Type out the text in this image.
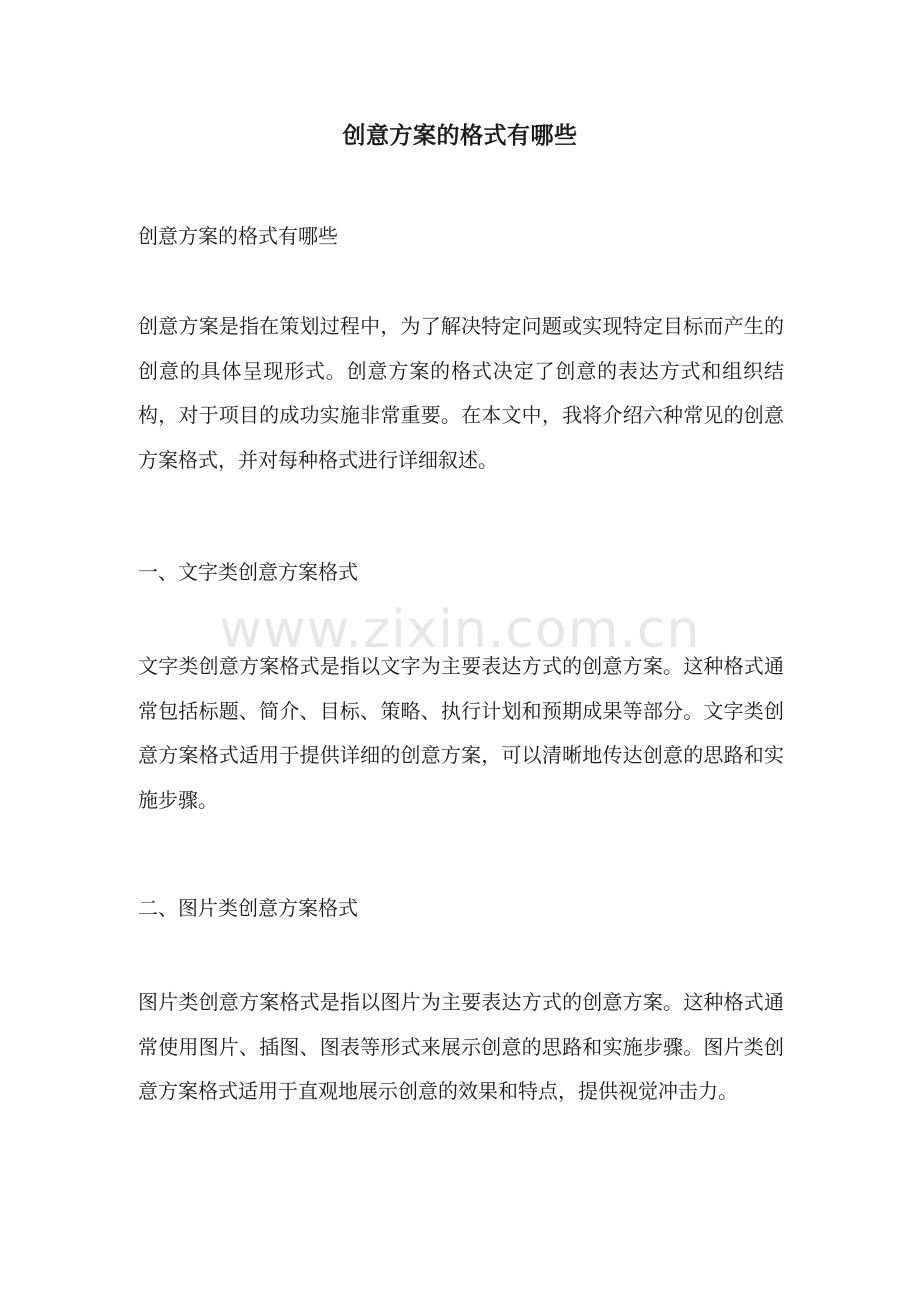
创意方案的格式有哪些

创意方案的格式有哪些

创意方案是指在策划过程中，为了解决特定问题或实现特定目标而产生的创意的具体呈现形式。创意方案的格式决定了创意的表达方式和组织结构，对于项目的成功实施非常重要。在本文中，我将介绍六种常见的创意方案格式，并对每种格式进行详细叙述。

一、文字类创意方案格式

文字类创意方案格式是指以文字为主要表达方式的创意方案。这种格式通常包括标题、简介、目标、策略、执行计划和预期成果等部分。文字类创意方案格式适用于提供详细的创意方案，可以清晰地传达创意的思路和实施步骤。

二、图片类创意方案格式

图片类创意方案格式是指以图片为主要表达方式的创意方案。这种格式通常使用图片、插图、图表等形式来展示创意的思路和实施步骤。图片类创意方案格式适用于直观地展示创意的效果和特点，提供视觉冲击力。

www.zixin.com.cn
